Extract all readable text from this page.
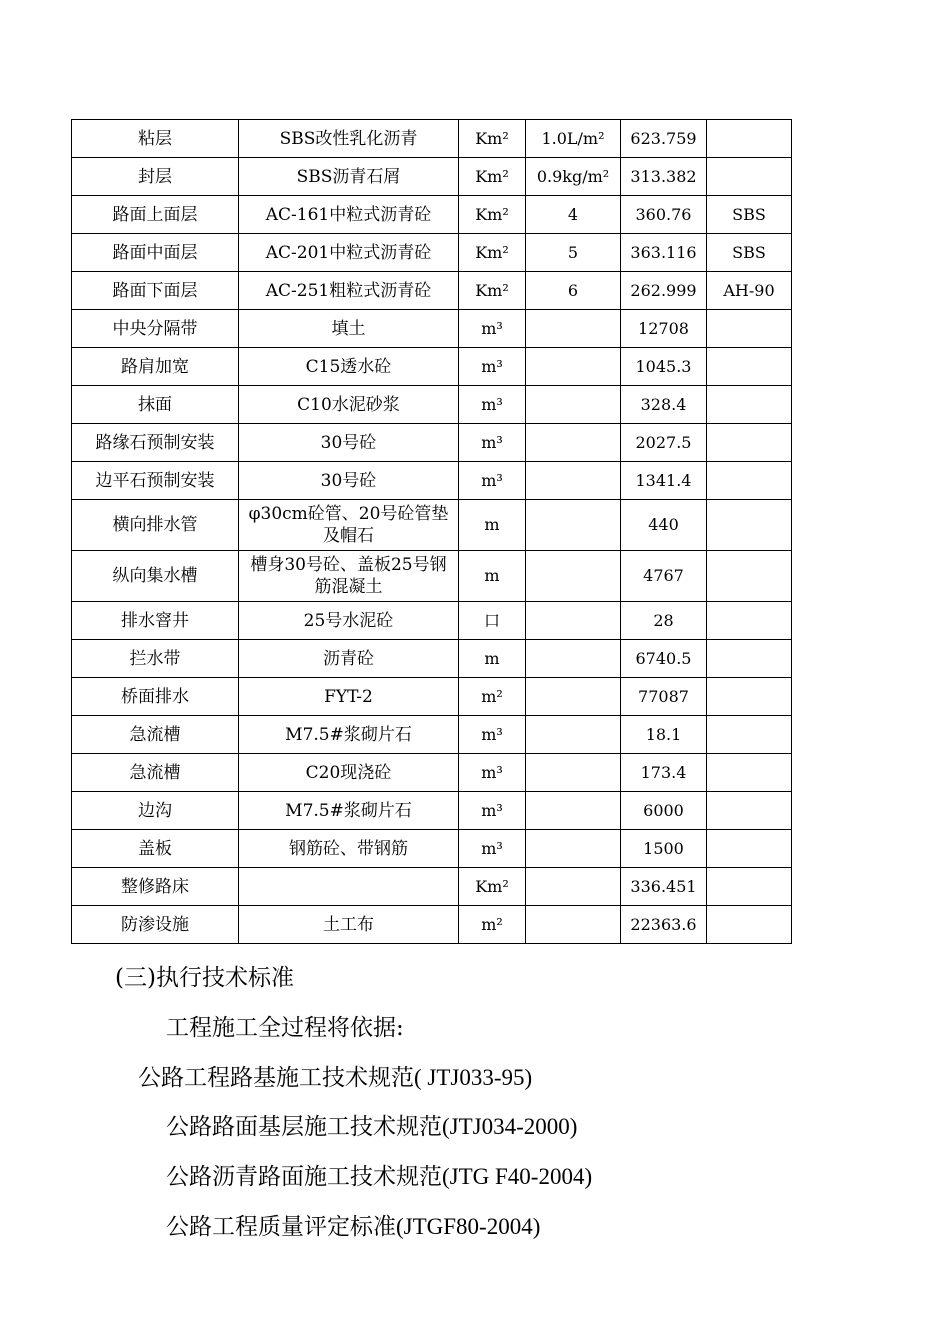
粘层	SBS改性乳化沥青	Km²	1.0L/m²	623.759	
封层	SBS沥青石屑	Km²	0.9kg/m²	313.382	
路面上面层	AC-161中粒式沥青砼	Km²	4	360.76	SBS
路面中面层	AC-201中粒式沥青砼	Km²	5	363.116	SBS
路面下面层	AC-251粗粒式沥青砼	Km²	6	262.999	AH-90
中央分隔带	填土	m³		12708	
路肩加宽	C15透水砼	m³		1045.3	
抹面	C10水泥砂浆	m³		328.4	
路缘石预制安装	30号砼	m³		2027.5	
边平石预制安装	30号砼	m³		1341.4	
横向排水管	φ30cm砼管、20号砼管垫及帽石	m		440	
纵向集水槽	槽身30号砼、盖板25号钢筋混凝土	m		4767	
排水窨井	25号水泥砼	口		28	
拦水带	沥青砼	m		6740.5	
桥面排水	FYT-2	m²		77087	
急流槽	M7.5#浆砌片石	m³		18.1	
急流槽	C20现浇砼	m³		173.4	
边沟	M7.5#浆砌片石	m³		6000	
盖板	钢筋砼、带钢筋	m³		1500	
整修路床		Km²		336.451	
防渗设施	土工布	m²		22363.6	
(三)执行技术标准
工程施工全过程将依据:
公路工程路基施工技术规范( JTJ033-95)
公路路面基层施工技术规范(JTJ034-2000)
公路沥青路面施工技术规范(JTG F40-2004)
公路工程质量评定标准(JTGF80-2004)
